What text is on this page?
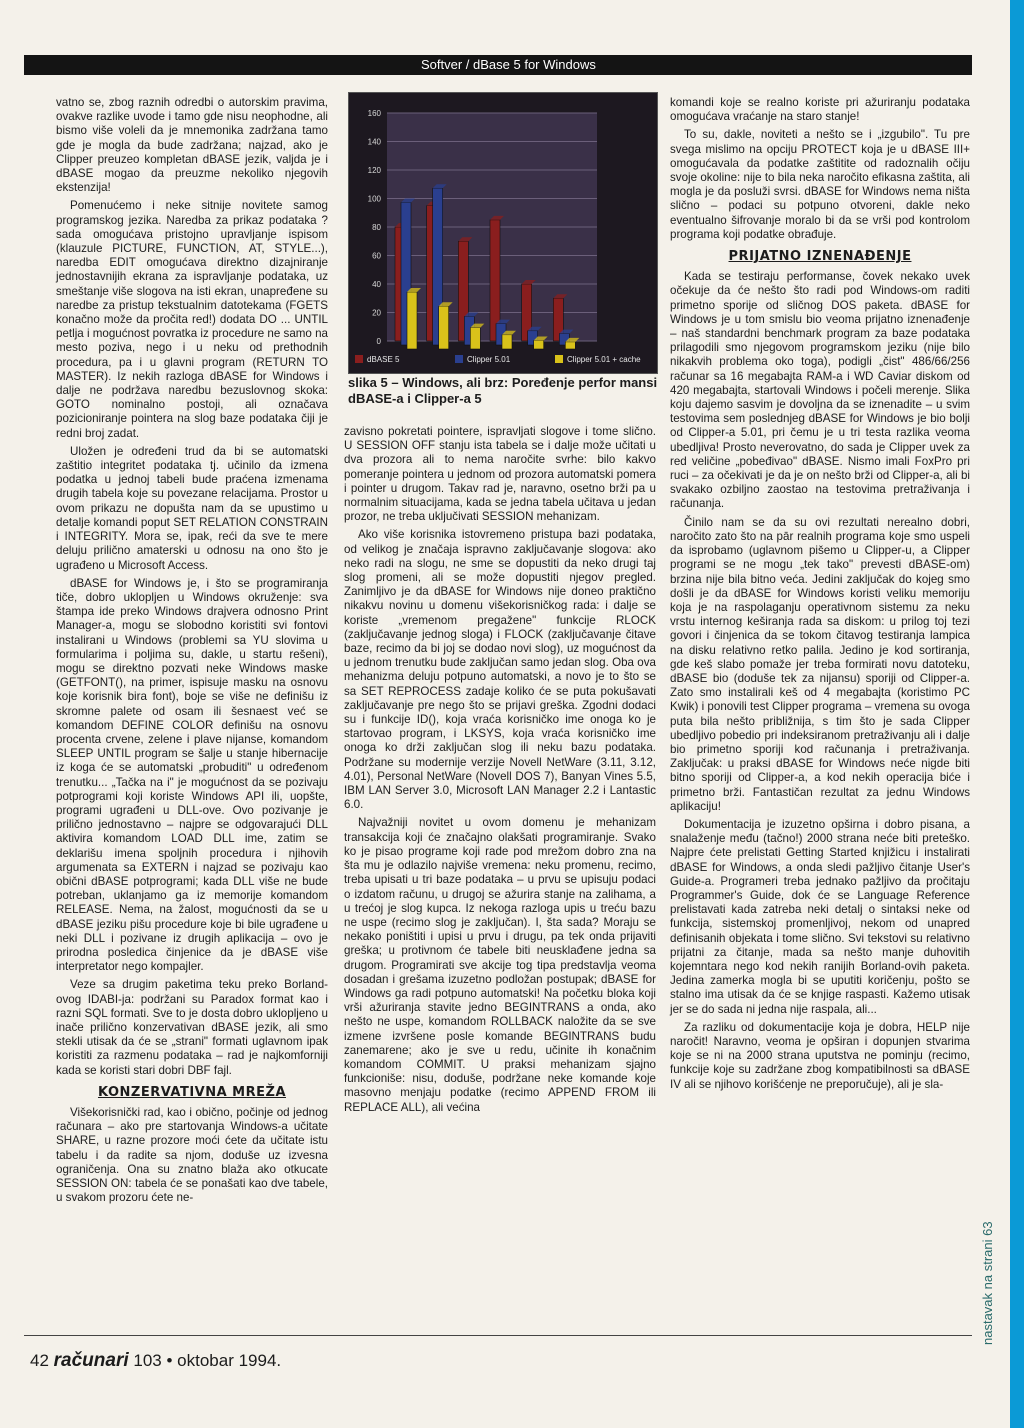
Softver / dBase 5 for Windows

vatno se, zbog raznih odredbi o autorskim pravima, ovakve razlike uvode i tamo gde nisu neophodne, ali bismo više voleli da je mnemonika zadržana tamo gde je mogla da bude zadržana; najzad, ako je Clipper preuzeo kompletan dBASE jezik, valjda je i dBASE mogao da preuzme nekoliko njegovih ekstenzija!

Pomenućemo i neke sitnije novitete samog programskog jezika. Naredba za prikaz podataka ? sada omogućava pristojno upravljanje ispisom (klauzule PICTURE, FUNCTION, AT, STYLE...), naredba EDIT omogućava direktno dizajniranje jednostavnijih ekrana za ispravljanje podataka, uz smeštanje više slogova na isti ekran, unapređene su naredbe za pristup tekstualnim datotekama (FGETS konačno može da pročita red!) dodata DO ... UNTIL petlja i mogućnost povratka iz procedure ne samo na mesto poziva, nego i u neku od prethodnih procedura, pa i u glavni program (RETURN TO MASTER). Iz nekih razloga dBASE for Windows i dalje ne podržava naredbu bezuslovnog skoka: GOTO nominalno postoji, ali označava pozicioniranje pointera na slog baze podataka čiji je redni broj zadat.

Uložen je određeni trud da bi se automatski zaštitio integritet podataka tj. učinilo da izmena podatka u jednoj tabeli bude praćena izmenama drugih tabela koje su povezane relacijama. Prostor u ovom prikazu ne dopušta nam da se upustimo u detalje komandi poput SET RELATION CONSTRAIN i INTEGRITY. Mora se, ipak, reći da sve te mere deluju prilično amaterski u odnosu na ono što je ugrađeno u Microsoft Access.

dBASE for Windows je, i što se programiranja tiče, dobro uklopljen u Windows okruženje: sva štampa ide preko Windows drajvera odnosno Print Manager-a, mogu se slobodno koristiti svi fontovi instalirani u Windows (problemi sa YU slovima u formularima i poljima su, dakle, u startu rešeni), mogu se direktno pozvati neke Windows maske (GETFONT(), na primer, ispisuje masku na osnovu koje korisnik bira font), boje se više ne definišu iz skromne palete od osam ili šesnaest već se komandom DEFINE COLOR definišu na osnovu procenta crvene, zelene i plave nijanse, komandom SLEEP UNTIL program se šalje u stanje hibernacije iz koga će se automatski „probuditi" u određenom trenutku... „Tačka na i" je mogućnost da se pozivaju potprogrami koji koriste Windows API ili, uopšte, programi ugrađeni u DLL-ove. Ovo pozivanje je prilično jednostavno – najpre se odgovarajući DLL aktivira komandom LOAD DLL ime, zatim se deklarišu imena spoljnih procedura i njihovih argumenata sa EXTERN i najzad se pozivaju kao obični dBASE potprogrami; kada DLL više ne bude potreban, uklanjamo ga iz memorije komandom RELEASE. Nema, na žalost, mogućnosti da se u dBASE jeziku pišu procedure koje bi bile ugrađene u neki DLL i pozivane iz drugih aplikacija – ovo je prirodna posledica činjenice da je dBASE više interpretator nego kompajler.

Veze sa drugim paketima teku preko Borland-ovog IDABI-ja: podržani su Paradox format kao i razni SQL formati. Sve to je dosta dobro uklopljeno u inače prilično konzervativan dBASE jezik, ali smo stekli utisak da će se „strani" formati uglavnom ipak koristiti za razmenu podataka – rad je najkomforniji kada se koristi stari dobri DBF fajl.

KONZERVATIVNA MREŽA

Višekorisnički rad, kao i obično, počinje od jednog računara – ako pre startovanja Windows-a učitate SHARE, u razne prozore moći ćete da učitate istu tabelu i da radite sa njom, doduše uz izvesna ograničenja. Ona su znatno blaža ako otkucate SESSION ON: tabela će se ponašati kao dve tabele, u svakom prozoru ćete ne-

0
20
40
60
80
100
120
140
160
dBASE 5	Clipper 5.01	Clipper 5.01 + cache
slika 5 – Windows, ali brz: Poređenje perfor mansi dBASE-a i Clipper-a 5

zavisno pokretati pointere, ispravljati slogove i tome slično. U SESSION OFF stanju ista tabela se i dalje može učitati u dva prozora ali to nema naročite svrhe: bilo kakvo pomeranje pointera u jednom od prozora automatski pomera i pointer u drugom. Takav rad je, naravno, osetno brži pa u normalnim situacijama, kada se jedna tabela učitava u jedan prozor, ne treba uključivati SESSION mehanizam.

Ako više korisnika istovremeno pristupa bazi podataka, od velikog je značaja ispravno zaključavanje slogova: ako neko radi na slogu, ne sme se dopustiti da neko drugi taj slog promeni, ali se može dopustiti njegov pregled. Zanimljivo je da dBASE for Windows nije doneo praktično nikakvu novinu u domenu višekorisničkog rada: i dalje se koriste „vremenom pregažene" funkcije RLOCK (zaključavanje jednog sloga) i FLOCK (zaključavanje čitave baze, recimo da bi joj se dodao novi slog), uz mogućnost da u jednom trenutku bude zaključan samo jedan slog. Oba ova mehanizma deluju potpuno automatski, a novo je to što se sa SET REPROCESS zadaje koliko će se puta pokušavati zaključavanje pre nego što se prijavi greška. Zgodni dodaci su i funkcije ID(), koja vraća korisničko ime onoga ko je startovao program, i LKSYS, koja vraća korisničko ime onoga ko drži zaključan slog ili neku bazu podataka. Podržane su modernije verzije Novell NetWare (3.11, 3.12, 4.01), Personal NetWare (Novell DOS 7), Banyan Vines 5.5, IBM LAN Server 3.0, Microsoft LAN Manager 2.2 i Lantastic 6.0.

Najvažniji novitet u ovom domenu je mehanizam transakcija koji će značajno olakšati programiranje. Svako ko je pisao programe koji rade pod mrežom dobro zna na šta mu je odlazilo najviše vremena: neku promenu, recimo, treba upisati u tri baze podataka – u prvu se upisuju podaci o izdatom računu, u drugoj se ažurira stanje na zalihama, a u trećoj je slog kupca. Iz nekoga razloga upis u treću bazu ne uspe (recimo slog je zaključan). I, šta sada? Moraju se nekako poništiti i upisi u prvu i drugu, pa tek onda prijaviti greška; u protivnom će tabele biti neusklađene jedna sa drugom. Programirati sve akcije tog tipa predstavlja veoma dosadan i grešama izuzetno podložan postupak; dBASE for Windows ga radi potpuno automatski! Na početku bloka koji vrši ažuriranja stavite jedno BEGINTRANS a onda, ako nešto ne uspe, komandom ROLLBACK naložite da se sve izmene izvršene posle komande BEGINTRANS budu zanemarene; ako je sve u redu, učinite ih konačnim komandom COMMIT. U praksi mehanizam sjajno funkcioniše: nisu, doduše, podržane neke komande koje masovno menjaju podatke (recimo APPEND FROM ili REPLACE ALL), ali većina

komandi koje se realno koriste pri ažuriranju podataka omogućava vraćanje na staro stanje!

To su, dakle, noviteti a nešto se i „izgubilo". Tu pre svega mislimo na opciju PROTECT koja je u dBASE III+ omogućavala da podatke zaštitite od radoznalih očiju svoje okoline: nije to bila neka naročito efikasna zaštita, ali mogla je da posluži svrsi. dBASE for Windows nema ništa slično – podaci su potpuno otvoreni, dakle neko eventualno šifrovanje moralo bi da se vrši pod kontrolom programa koji podatke obrađuje.

PRIJATNO IZNENAĐENJE

Kada se testiraju performanse, čovek nekako uvek očekuje da će nešto što radi pod Windows-om raditi primetno sporije od sličnog DOS paketa. dBASE for Windows je u tom smislu bio veoma prijatno iznenađenje – naš standardni benchmark program za baze podataka prilagodili smo njegovom programskom jeziku (nije bilo nikakvih problema oko toga), podigli „čist" 486/66/256 računar sa 16 megabajta RAM-a i WD Caviar diskom od 420 megabajta, startovali Windows i počeli merenje. Slika koju dajemo sasvim je dovoljna da se iznenadite – u svim testovima sem poslednjeg dBASE for Windows je bio bolji od Clipper-a 5.01, pri čemu je u tri testa razlika veoma ubedljiva! Prosto neverovatno, do sada je Clipper uvek za red veličine „pobeđivao" dBASE. Nismo imali FoxPro pri ruci – za očekivati je da je on nešto brži od Clipper-a, ali bi svakako ozbiljno zaostao na testovima pretraživanja i računanja.

Činilo nam se da su ovi rezultati nerealno dobri, naročito zato što na pār realnih programa koje smo uspeli da isprobamo (uglavnom pišemo u Clipper-u, a Clipper programi se ne mogu „tek tako" prevesti dBASE-om) brzina nije bila bitno veća. Jedini zaključak do kojeg smo došli je da dBASE for Windows koristi veliku memoriju koja je na raspolaganju operativnom sistemu za neku vrstu internog keširanja rada sa diskom: u prilog toj tezi govori i činjenica da se tokom čitavog testiranja lampica na disku relativno retko palila. Jedino je kod sortiranja, gde keš slabo pomaže jer treba formirati novu datoteku, dBASE bio (doduše tek za nijansu) sporiji od Clipper-a. Zato smo instalirali keš od 4 megabajta (koristimo PC Kwik) i ponovili test Clipper programa – vremena su ovoga puta bila nešto približnija, s tim što je sada Clipper ubedljivo pobedio pri indeksiranom pretraživanju ali i dalje bio primetno sporiji kod računanja i pretraživanja. Zaključak: u praksi dBASE for Windows neće nigde biti bitno sporiji od Clipper-a, a kod nekih operacija biće i primetno brži. Fantastičan rezultat za jednu Windows aplikaciju!

Dokumentacija je izuzetno opširna i dobro pisana, a snalaženje među (tačno!) 2000 strana neće biti preteško. Najpre ćete prelistati Getting Started knjižicu i instalirati dBASE for Windows, a onda sledi pažljivo čitanje User's Guide-a. Programeri treba jednako pažljivo da pročitaju Programmer's Guide, dok će se Language Reference prelistavati kada zatreba neki detalj o sintaksi neke od funkcija, sistemskoj promenljivoj, nekom od unapred definisanih objekata i tome slično. Svi tekstovi su relativno prijatni za čitanje, mada sa nešto manje duhovitih kojemntara nego kod nekih ranijih Borland-ovih paketa. Jedina zamerka mogla bi se uputiti koričenju, pošto se stalno ima utisak da će se knjige raspasti. Kažemo utisak jer se do sada ni jedna nije raspala, ali...

Za razliku od dokumentacije koja je dobra, HELP nije naročit! Naravno, veoma je opširan i dopunjen stvarima koje se ni na 2000 strana uputstva ne pominju (recimo, funkcije koje su zadržane zbog kompatibilnosti sa dBASE IV ali se njihovo korišćenje ne preporučuje), ali je sla-

nastavak na strani 63
42 računari 103 • oktobar 1994.
